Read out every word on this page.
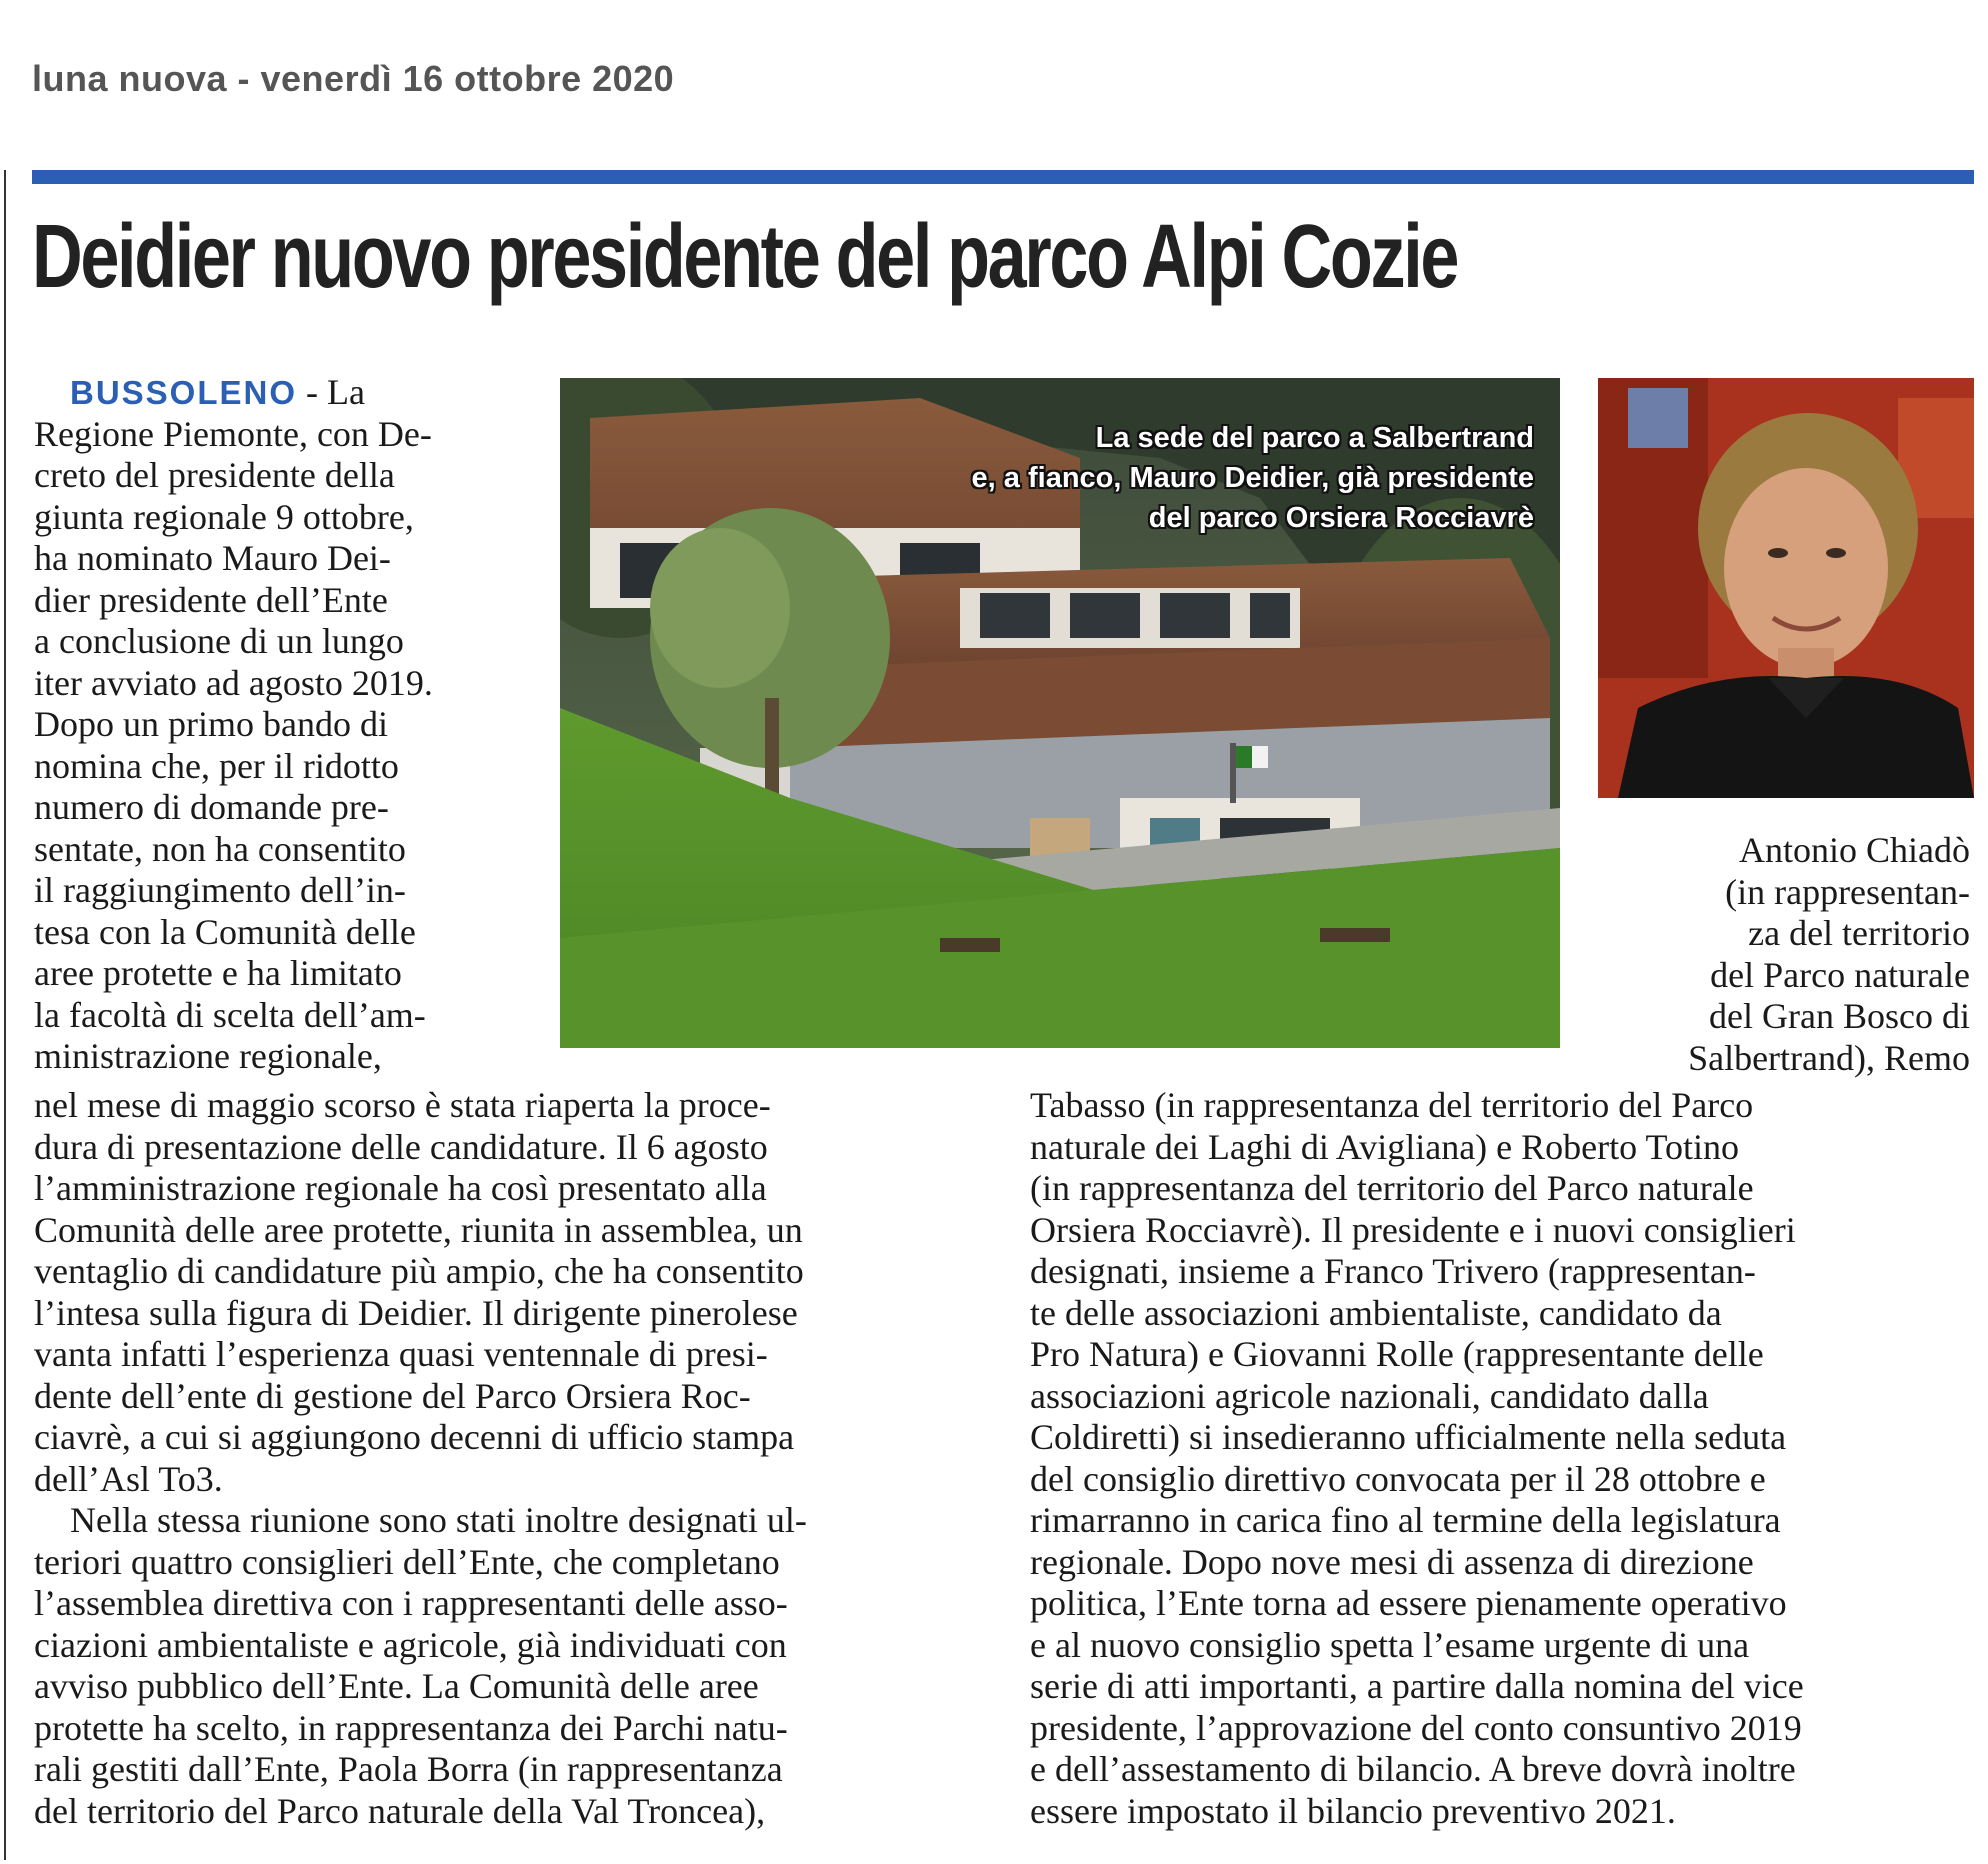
luna nuova - venerdì 16 ottobre 2020
Deidier nuovo presidente del parco Alpi Cozie
La sede del parco a Salbertrand
e, a fianco, Mauro Deidier, già presidente
del parco Orsiera Rocciavrè
BUSSOLENO - La
Regione Piemonte, con De-
creto del presidente della
giunta regionale 9 ottobre,
ha nominato Mauro Dei-
dier presidente dell’Ente
a conclusione di un lungo
iter avviato ad agosto 2019.
Dopo un primo bando di
nomina che, per il ridotto
numero di domande pre-
sentate, non ha consentito
il raggiungimento dell’in-
tesa con la Comunità delle
aree protette e ha limitato
la facoltà di scelta dell’am-
ministrazione regionale,

nel mese di maggio scorso è stata riaperta la proce-
dura di presentazione delle candidature. Il 6 agosto
l’amministrazione regionale ha così presentato alla
Comunità delle aree protette, riunita in assemblea, un
ventaglio di candidature più ampio, che ha consentito
l’intesa sulla figura di Deidier. Il dirigente pinerolese
vanta infatti l’esperienza quasi ventennale di presi-
dente dell’ente di gestione del Parco Orsiera Roc-
ciavrè, a cui si aggiungono decenni di ufficio stampa
dell’Asl To3.

Nella stessa riunione sono stati inoltre designati ul-
teriori quattro consiglieri dell’Ente, che completano
l’assemblea direttiva con i rappresentanti delle asso-
ciazioni ambientaliste e agricole, già individuati con
avviso pubblico dell’Ente. La Comunità delle aree
protette ha scelto, in rappresentanza dei Parchi natu-
rali gestiti dall’Ente, Paola Borra (in rappresentanza
del territorio del Parco naturale della Val Troncea),

Antonio Chiadò
(in rappresentan-
za del territorio
del Parco naturale
del Gran Bosco di
Salbertrand), Remo
Tabasso (in rappresentanza del territorio del Parco
naturale dei Laghi di Avigliana) e Roberto Totino
(in rappresentanza del territorio del Parco naturale
Orsiera Rocciavrè). Il presidente e i nuovi consiglieri
designati, insieme a Franco Trivero (rappresentan-
te delle associazioni ambientaliste, candidato da
Pro Natura) e Giovanni Rolle (rappresentante delle
associazioni agricole nazionali, candidato dalla
Coldiretti) si insedieranno ufficialmente nella seduta
del consiglio direttivo convocata per il 28 ottobre e
rimarranno in carica fino al termine della legislatura
regionale. Dopo nove mesi di assenza di direzione
politica, l’Ente torna ad essere pienamente operativo
e al nuovo consiglio spetta l’esame urgente di una
serie di atti importanti, a partire dalla nomina del vice
presidente, l’approvazione del conto consuntivo 2019
e dell’assestamento di bilancio. A breve dovrà inoltre
essere impostato il bilancio preventivo 2021.
